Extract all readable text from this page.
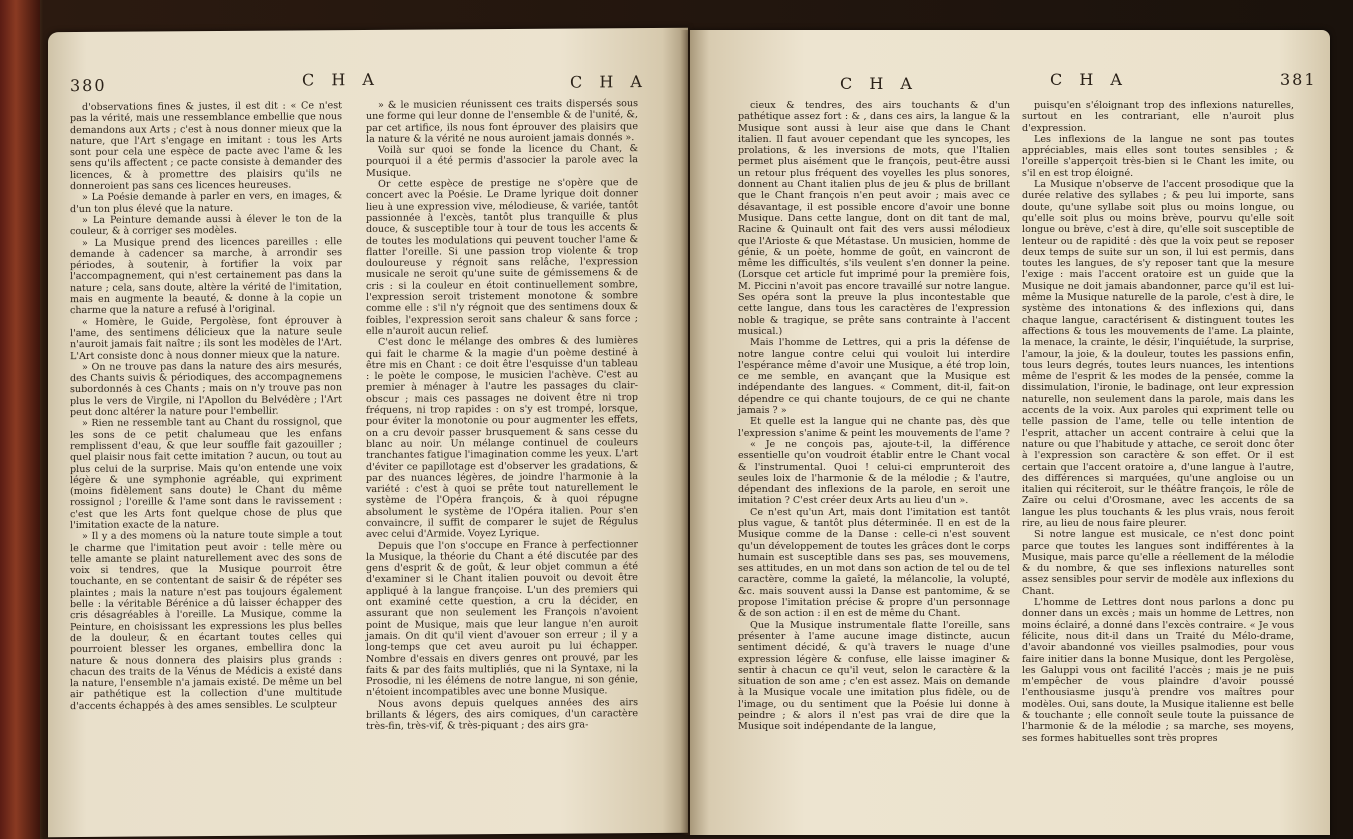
380	C H A	C H A

d'observations fines & justes, il est dit : « Ce n'est pas la vérité, mais une ressemblance embellie que nous demandons aux Arts ; c'est à nous donner mieux que la nature, que l'Art s'engage en imitant : tous les Arts sont pour cela une espèce de pacte avec l'ame & les sens qu'ils affectent ; ce pacte consiste à demander des licences, & à promettre des plaisirs qu'ils ne donneroient pas sans ces licences heureuses.

» La Poésie demande à parler en vers, en images, & d'un ton plus élevé que la nature.

» La Peinture demande aussi à élever le ton de la couleur, & à corriger ses modèles.

» La Musique prend des licences pareilles : elle demande à cadencer sa marche, à arrondir ses périodes, à soutenir, à fortifier la voix par l'accompagnement, qui n'est certainement pas dans la nature ; cela, sans doute, altère la vérité de l'imitation, mais en augmente la beauté, & donne à la copie un charme que la nature a refusé à l'original.

« Homère, le Guide, Pergolèse, font éprouver à l'ame, des sentimens délicieux que la nature seule n'auroit jamais fait naître ; ils sont les modèles de l'Art. L'Art consiste donc à nous donner mieux que la nature.

» On ne trouve pas dans la nature des airs mesurés, des Chants suivis & périodiques, des accompagnemens subordonnés à ces Chants ; mais on n'y trouve pas non plus le vers de Virgile, ni l'Apollon du Belvédère ; l'Art peut donc altérer la nature pour l'embellir.

» Rien ne ressemble tant au Chant du rossignol, que les sons de ce petit chalumeau que les enfans remplissent d'eau, & que leur souffle fait gazouiller ; quel plaisir nous fait cette imitation ? aucun, ou tout au plus celui de la surprise. Mais qu'on entende une voix légère & une symphonie agréable, qui expriment (moins fidèlement sans doute) le Chant du même rossignol ; l'oreille & l'ame sont dans le ravissement : c'est que les Arts font quelque chose de plus que l'imitation exacte de la nature.

» Il y a des momens où la nature toute simple a tout le charme que l'imitation peut avoir : telle mère ou telle amante se plaint naturellement avec des sons de voix si tendres, que la Musique pourroit être touchante, en se contentant de saisir & de répéter ses plaintes ; mais la nature n'est pas toujours également belle : la véritable Bérénice a dû laisser échapper des cris désagréables à l'oreille. La Musique, comme la Peinture, en choisissant les expressions les plus belles de la douleur, & en écartant toutes celles qui pourroient blesser les organes, embellira donc la nature & nous donnera des plaisirs plus grands : chacun des traits de la Vénus de Médicis a existé dans la nature, l'ensemble n'a jamais existé. De même un bel air pathétique est la collection d'une multitude d'accents échappés à des ames sensibles. Le sculpteur

» & le musicien réunissent ces traits dispersés sous une forme qui leur donne de l'ensemble & de l'unité, &, par cet artifice, ils nous font éprouver des plaisirs que la nature & la vérité ne nous auroient jamais donnés ».

Voilà sur quoi se fonde la licence du Chant, & pourquoi il a été permis d'associer la parole avec la Musique.

Or cette espèce de prestige ne s'opère que de concert avec la Poésie. Le Drame lyrique doit donner lieu à une expression vive, mélodieuse, & variée, tantôt passionnée à l'excès, tantôt plus tranquille & plus douce, & susceptible tour à tour de tous les accents & de toutes les modulations qui peuvent toucher l'ame & flatter l'oreille. Si une passion trop violente & trop douloureuse y régnoit sans relâche, l'expression musicale ne seroit qu'une suite de gémissemens & de cris : si la couleur en étoit continuellement sombre, l'expression seroit tristement monotone & sombre comme elle : s'il n'y régnoit que des sentimens doux & foibles, l'expression seroit sans chaleur & sans force ; elle n'auroit aucun relief.

C'est donc le mélange des ombres & des lumières qui fait le charme & la magie d'un poème destiné à être mis en Chant : ce doit être l'esquisse d'un tableau : le poète le compose, le musicien l'achève. C'est au premier à ménager à l'autre les passages du clair-obscur ; mais ces passages ne doivent être ni trop fréquens, ni trop rapides : on s'y est trompé, lorsque, pour éviter la monotonie ou pour augmenter les effets, on a cru devoir passer brusquement & sans cesse du blanc au noir. Un mélange continuel de couleurs tranchantes fatigue l'imagination comme les yeux. L'art d'éviter ce papillotage est d'observer les gradations, & par des nuances légères, de joindre l'harmonie à la variété : c'est à quoi se prête tout naturellement le système de l'Opéra françois, & à quoi répugne absolument le système de l'Opéra italien. Pour s'en convaincre, il suffit de comparer le sujet de Régulus avec celui d'Armide. Voyez Lyrique.

Depuis que l'on s'occupe en France à perfectionner la Musique, la théorie du Chant a été discutée par des gens d'esprit & de goût, & leur objet commun a été d'examiner si le Chant italien pouvoit ou devoit être appliqué à la langue françoise. L'un des premiers qui ont examiné cette question, a cru la décider, en assurant que non seulement les François n'avoient point de Musique, mais que leur langue n'en auroit jamais. On dit qu'il vient d'avouer son erreur ; il y a long-temps que cet aveu auroit pu lui échapper. Nombre d'essais en divers genres ont prouvé, par les faits & par des faits multipliés, que ni la Syntaxe, ni la Prosodie, ni les élémens de notre langue, ni son génie, n'étoient incompatibles avec une bonne Musique.

Nous avons depuis quelques années des airs brillants & légers, des airs comiques, d'un caractère très-fin, très-vif, & très-piquant ; des airs gra-

C H A	C H A	381

cieux & tendres, des airs touchants & d'un pathétique assez fort : & , dans ces airs, la langue & la Musique sont aussi à leur aise que dans le Chant italien. Il faut avouer cependant que les syncopes, les prolations, & les inversions de mots, que l'Italien permet plus aisément que le françois, peut-être aussi un retour plus fréquent des voyelles les plus sonores, donnent au Chant italien plus de jeu & plus de brillant que le Chant françois n'en peut avoir ; mais avec ce désavantage, il est possible encore d'avoir une bonne Musique. Dans cette langue, dont on dit tant de mal, Racine & Quinault ont fait des vers aussi mélodieux que l'Arioste & que Métastase. Un musicien, homme de génie, & un poète, homme de goût, en vaincront de même les difficultés, s'ils veulent s'en donner la peine. (Lorsque cet article fut imprimé pour la première fois, M. Piccini n'avoit pas encore travaillé sur notre langue. Ses opéra sont la preuve la plus incontestable que cette langue, dans tous les caractères de l'expression noble & tragique, se prête sans contrainte à l'accent musical.)

Mais l'homme de Lettres, qui a pris la défense de notre langue contre celui qui vouloit lui interdire l'espérance même d'avoir une Musique, a été trop loin, ce me semble, en avançant que la Musique est indépendante des langues. « Comment, dit-il, fait-on dépendre ce qui chante toujours, de ce qui ne chante jamais ? »

Et quelle est la langue qui ne chante pas, dès que l'expression s'anime & peint les mouvements de l'ame ?

« Je ne conçois pas, ajoute-t-il, la différence essentielle qu'on voudroit établir entre le Chant vocal & l'instrumental. Quoi ! celui-ci emprunteroit des seules loix de l'harmonie & de la mélodie ; & l'autre, dépendant des inflexions de la parole, en seroit une imitation ? C'est créer deux Arts au lieu d'un ».

Ce n'est qu'un Art, mais dont l'imitation est tantôt plus vague, & tantôt plus déterminée. Il en est de la Musique comme de la Danse : celle-ci n'est souvent qu'un développement de toutes les grâces dont le corps humain est susceptible dans ses pas, ses mouvemens, ses attitudes, en un mot dans son action de tel ou de tel caractère, comme la gaîeté, la mélancolie, la volupté, &c. mais souvent aussi la Danse est pantomime, & se propose l'imitation précise & propre d'un personnage & de son action : il en est de même du Chant.

Que la Musique instrumentale flatte l'oreille, sans présenter à l'ame aucune image distincte, aucun sentiment décidé, & qu'à travers le nuage d'une expression légère & confuse, elle laisse imaginer & sentir à chacun ce qu'il veut, selon le caractère & la situation de son ame ; c'en est assez. Mais on demande à la Musique vocale une imitation plus fidèle, ou de l'image, ou du sentiment que la Poésie lui donne à peindre ; & alors il n'est pas vrai de dire que la Musique soit indépendante de la langue,

puisqu'en s'éloignant trop des inflexions naturelles, surtout en les contrariant, elle n'auroit plus d'expression.

Les inflexions de la langue ne sont pas toutes appréciables, mais elles sont toutes sensibles ; & l'oreille s'apperçoit très-bien si le Chant les imite, ou s'il en est trop éloigné.

La Musique n'observe de l'accent prosodique que la durée relative des syllabes ; & peu lui importe, sans doute, qu'une syllabe soit plus ou moins longue, ou qu'elle soit plus ou moins brève, pourvu qu'elle soit longue ou brève, c'est à dire, qu'elle soit susceptible de lenteur ou de rapidité : dès que la voix peut se reposer deux temps de suite sur un son, il lui est permis, dans toutes les langues, de s'y reposer tant que la mesure l'exige : mais l'accent oratoire est un guide que la Musique ne doit jamais abandonner, parce qu'il est lui-même la Musique naturelle de la parole, c'est à dire, le système des intonations & des inflexions qui, dans chaque langue, caractérisent & distinguent toutes les affections & tous les mouvements de l'ame. La plainte, la menace, la crainte, le désir, l'inquiétude, la surprise, l'amour, la joie, & la douleur, toutes les passions enfin, tous leurs degrés, toutes leurs nuances, les intentions même de l'esprit & les modes de la pensée, comme la dissimulation, l'ironie, le badinage, ont leur expression naturelle, non seulement dans la parole, mais dans les accents de la voix. Aux paroles qui expriment telle ou telle passion de l'ame, telle ou telle intention de l'esprit, attacher un accent contraire à celui que la nature ou que l'habitude y attache, ce seroit donc ôter à l'expression son caractère & son effet. Or il est certain que l'accent oratoire a, d'une langue à l'autre, des différences si marquées, qu'une angloise ou un italien qui réciteroit, sur le théâtre françois, le rôle de Zaïre ou celui d'Orosmane, avec les accents de sa langue les plus touchants & les plus vrais, nous feroit rire, au lieu de nous faire pleurer.

Si notre langue est musicale, ce n'est donc point parce que toutes les langues sont indifférentes à la Musique, mais parce qu'elle a réellement de la mélodie & du nombre, & que ses inflexions naturelles sont assez sensibles pour servir de modèle aux inflexions du Chant.

L'homme de Lettres dont nous parlons a donc pu donner dans un excès ; mais un homme de Lettres, non moins éclairé, a donné dans l'excès contraire. « Je vous félicite, nous dit-il dans un Traité du Mélo-drame, d'avoir abandonné vos vieilles psalmodies, pour vous faire initier dans la bonne Musique, dont les Pergolèse, les Galuppi vous ont facilité l'accès ; mais je ne puis m'empêcher de vous plaindre d'avoir poussé l'enthousiasme jusqu'à prendre vos maîtres pour modèles. Oui, sans doute, la Musique italienne est belle & touchante ; elle connoît seule toute la puissance de l'harmonie & de la mélodie ; sa marche, ses moyens, ses formes habituelles sont très propres
